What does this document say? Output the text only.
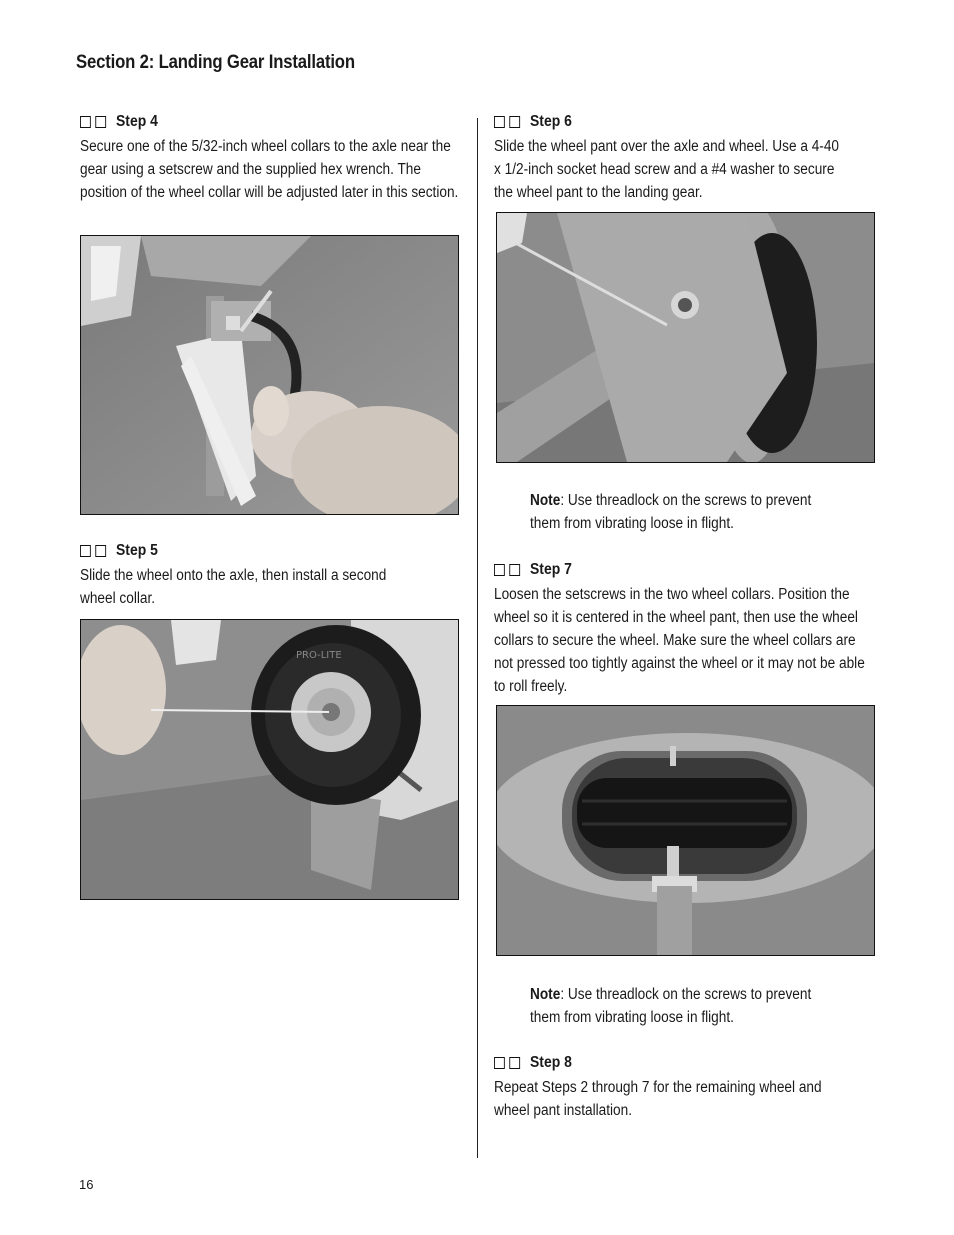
Section 2: Landing Gear Installation
Step 4

Secure one of the 5/32-inch wheel collars to the axle near the gear using a setscrew and the supplied hex wrench. The position of the wheel collar will be adjusted later in this section.

Step 5

Slide the wheel onto the axle, then install a second wheel collar.

PRO-LITE
Step 6

Slide the wheel pant over the axle and wheel. Use a 4-40 x 1/2-inch socket head screw and a #4 washer to secure the wheel pant to the landing gear.

Note: Use threadlock on the screws to prevent them from vibrating loose in flight.
Step 7

Loosen the setscrews in the two wheel collars. Position the wheel so it is centered in the wheel pant, then use the wheel collars to secure the wheel. Make sure the wheel collars are not pressed too tightly against the wheel or it may not be able to roll freely.

Note: Use threadlock on the screws to prevent them from vibrating loose in flight.
Step 8

Repeat Steps 2 through 7 for the remaining wheel and wheel pant installation.

16
